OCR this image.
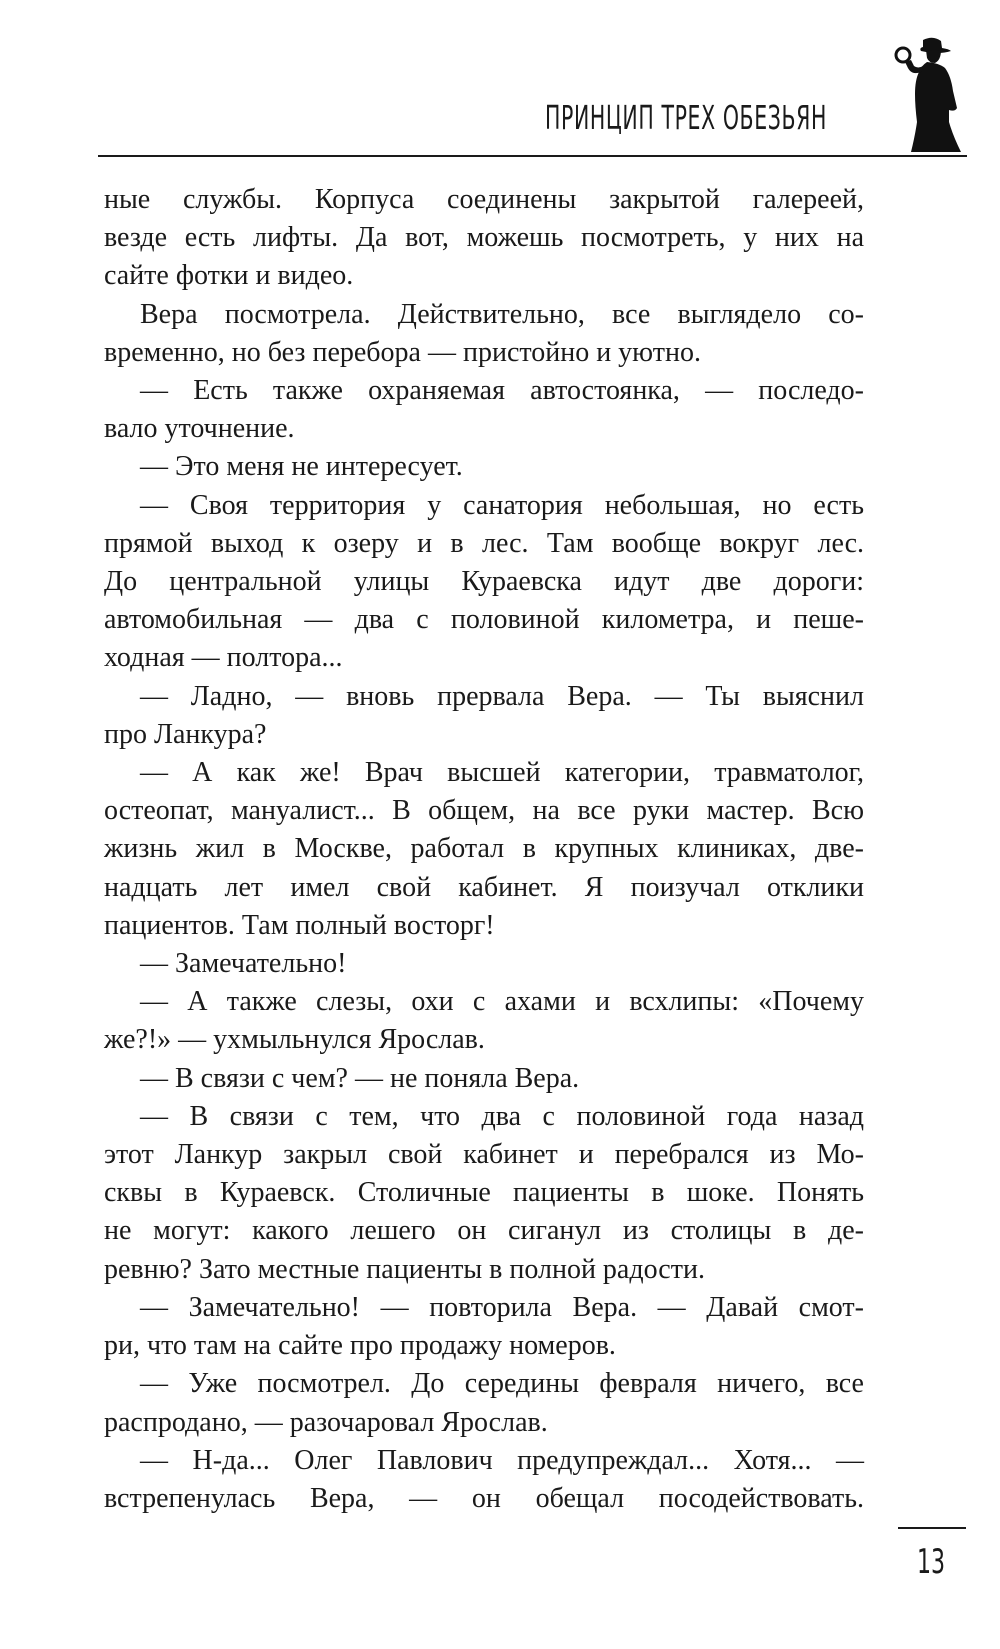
ПРИНЦИП ТРЕХ ОБЕЗЬЯН

ные службы. Корпуса соединены закрытой галереей,

везде есть лифты. Да вот, можешь посмотреть, у них на

сайте фотки и видео.

Вера посмотрела. Действительно, все выглядело со-

временно, но без перебора — пристойно и уютно.

— Есть также охраняемая автостоянка, — последо-

вало уточнение.

— Это меня не интересует.

— Своя территория у санатория небольшая, но есть

прямой выход к озеру и в лес. Там вообще вокруг лес.

До центральной улицы Кураевска идут две дороги:

автомобильная — два с половиной километра, и пеше-

ходная — полтора...

— Ладно, — вновь прервала Вера. — Ты выяснил

про Ланкура?

— А как же! Врач высшей категории, травматолог,

остеопат, мануалист... В общем, на все руки мастер. Всю

жизнь жил в Москве, работал в крупных клиниках, две-

надцать лет имел свой кабинет. Я поизучал отклики

пациентов. Там полный восторг!

— Замечательно!

— А также слезы, охи с ахами и всхлипы: «Почему

же?!» — ухмыльнулся Ярослав.

— В связи с чем? — не поняла Вера.

— В связи с тем, что два с половиной года назад

этот Ланкур закрыл свой кабинет и перебрался из Мо-

сквы в Кураевск. Столичные пациенты в шоке. Понять

не могут: какого лешего он сиганул из столицы в де-

ревню? Зато местные пациенты в полной радости.

— Замечательно! — повторила Вера. — Давай смот-

ри, что там на сайте про продажу номеров.

— Уже посмотрел. До середины февраля ничего, все

распродано, — разочаровал Ярослав.

— Н-да... Олег Павлович предупреждал... Хотя... —

встрепенулась Вера, — он обещал посодействовать.

13
